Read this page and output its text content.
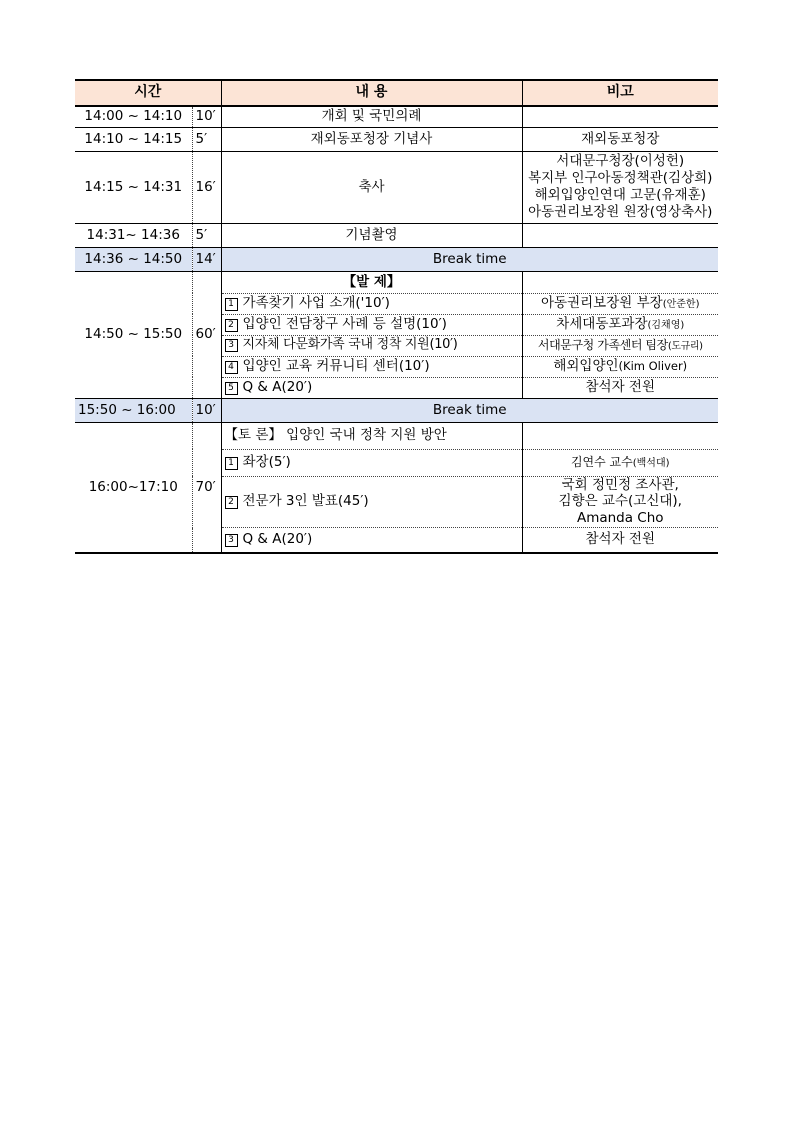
시간		내 용	비고
14:00 ~ 14:10	10′	개회 및 국민의례	
14:10 ~ 14:15	5′	재외동포청장 기념사	재외동포청장
14:15 ~ 14:31	16′	축사	서대문구청장(이성헌)
복지부 인구아동정책관(김상희)
해외입양인연대 고문(유재훈)
아동권리보장원 원장(영상축사)

14:31~ 14:36	5′	기념촬영	
14:36 ~ 14:50	14′	Break time	
14:50 ~ 15:50	60′	【발 제】	
		1 가족찾기 사업 소개('10′)	아동권리보장원 부장(안준한)
		2 입양인 전담창구 사례 등 설명(10′)	차세대동포과장(김채영)
		3 지자체 다문화가족 국내 정착 지원(10′)	서대문구청 가족센터 팀장(도규리)
		4 입양인 교육 커뮤니티 센터(10′)	해외입양인(Kim Oliver)
		5 Q & A(20′)	참석자 전원
15:50 ~ 16:00	10′	Break time	
16:00~17:10	70′	【토 론】 입양인 국내 정착 지원 방안	
		1 좌장(5′)	김연수 교수(백석대)
		2 전문가 3인 발표(45′)	국회 정민정 조사관,
김향은 교수(고신대),
Amanda Cho

		3 Q & A(20′)	참석자 전원
